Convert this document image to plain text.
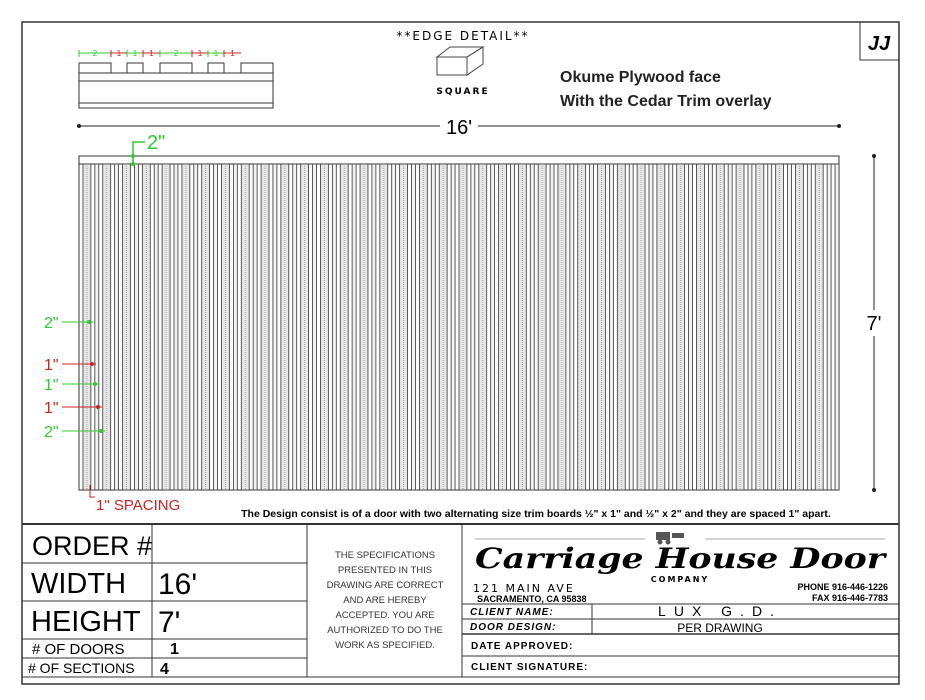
JJ
2 1 1 1	2 1 1 1
**EDGE DETAIL**
SQUARE
Okume Plywood face
With the Cedar Trim overlay
16'
7'
2"
2"
1"
1"
1"
2"
1" SPACING	The Design consist is of a door with two alternating size trim boards ½" x 1" and ½" x 2" and they are spaced 1" apart.
ORDER #
WIDTH 16'
HEIGHT 7'
# OF DOORS	1
# OF SECTIONS 4
THE SPECIFICATIONS
PRESENTED IN THIS
DRAWING ARE CORRECT
AND ARE HEREBY
ACCEPTED. YOU ARE
AUTHORIZED TO DO THE
WORK AS SPECIFIED.
Carriage House Door
COMPANY
121 MAIN AVE
SACRAMENTO, CA 95838
PHONE 916-446-1226
FAX 916-446-7783
CLIENT NAME:	LUX G.D.
DOOR DESIGN:	PER DRAWING
DATE APPROVED:
CLIENT SIGNATURE:
